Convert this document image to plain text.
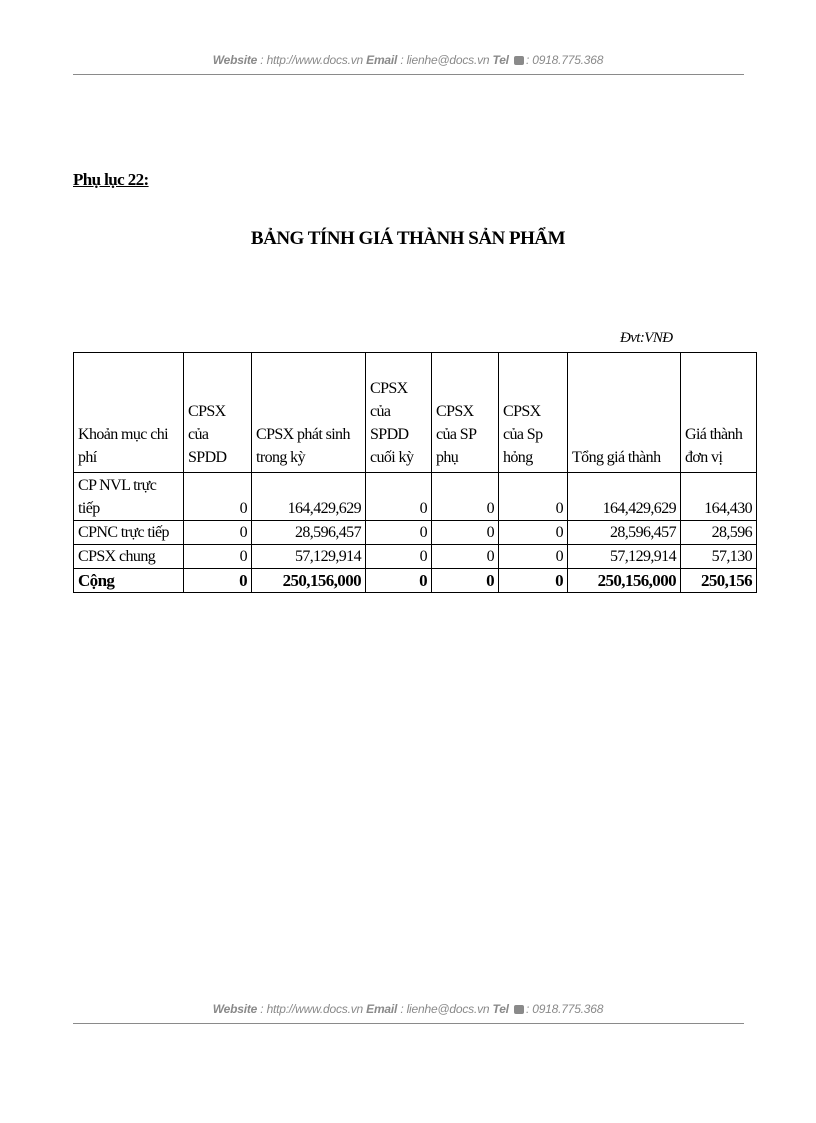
Website : http://www.docs.vn Email : lienhe@docs.vn Tel : 0918.775.368
Phụ lục 22:
BẢNG TÍNH GIÁ THÀNH SẢN PHẨM
Đvt:VNĐ
Khoản mục chi phí	CPSX của SPDD	CPSX phát sinh trong kỳ	CPSX của SPDD cuối kỳ	CPSX của SP phụ	CPSX của Sp hỏng	Tổng giá thành	Giá thành đơn vị
CP NVL trực tiếp	0	164,429,629	0	0	0	164,429,629	164,430
CPNC trực tiếp	0	28,596,457	0	0	0	28,596,457	28,596
CPSX chung	0	57,129,914	0	0	0	57,129,914	57,130
Cộng	0	250,156,000	0	0	0	250,156,000	250,156
Website : http://www.docs.vn Email : lienhe@docs.vn Tel : 0918.775.368
